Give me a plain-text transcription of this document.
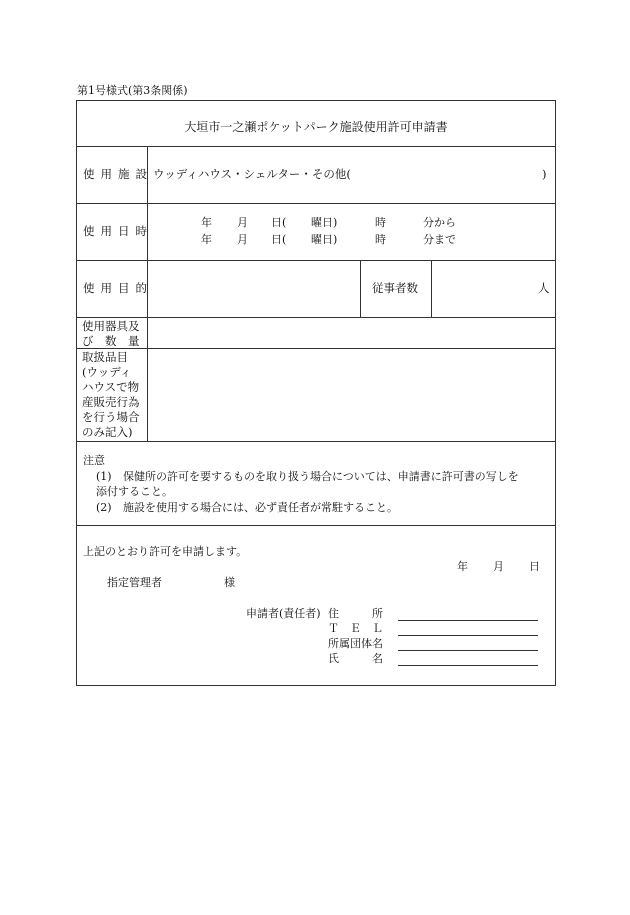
第1号様式(第3条関係)
大垣市一之瀬ポケットパーク施設使用許可申請書
使用施設 ウッディハウス・シェルター・その他(	)
使用日時
年 月 日( 曜日)	時	分から
年 月 日( 曜日)	時	分まで
使用目的	従事者数	人
使用器具及
び　数　量
取扱品目
(ウッディ
ハウスで物
産販売行為
を行う場合
のみ記入)
注意
(1) 保健所の許可を要するものを取り扱う場合については、申請書に許可書の写しを
添付すること。
(2) 施設を使用する場合には、必ず責任者が常駐すること。
上記のとおり許可を申請します。
年 月 日
指定管理者	様
申請者(責任者) 住　　　所
Ｔ　Ｅ　Ｌ
所属団体名
氏　　　名
